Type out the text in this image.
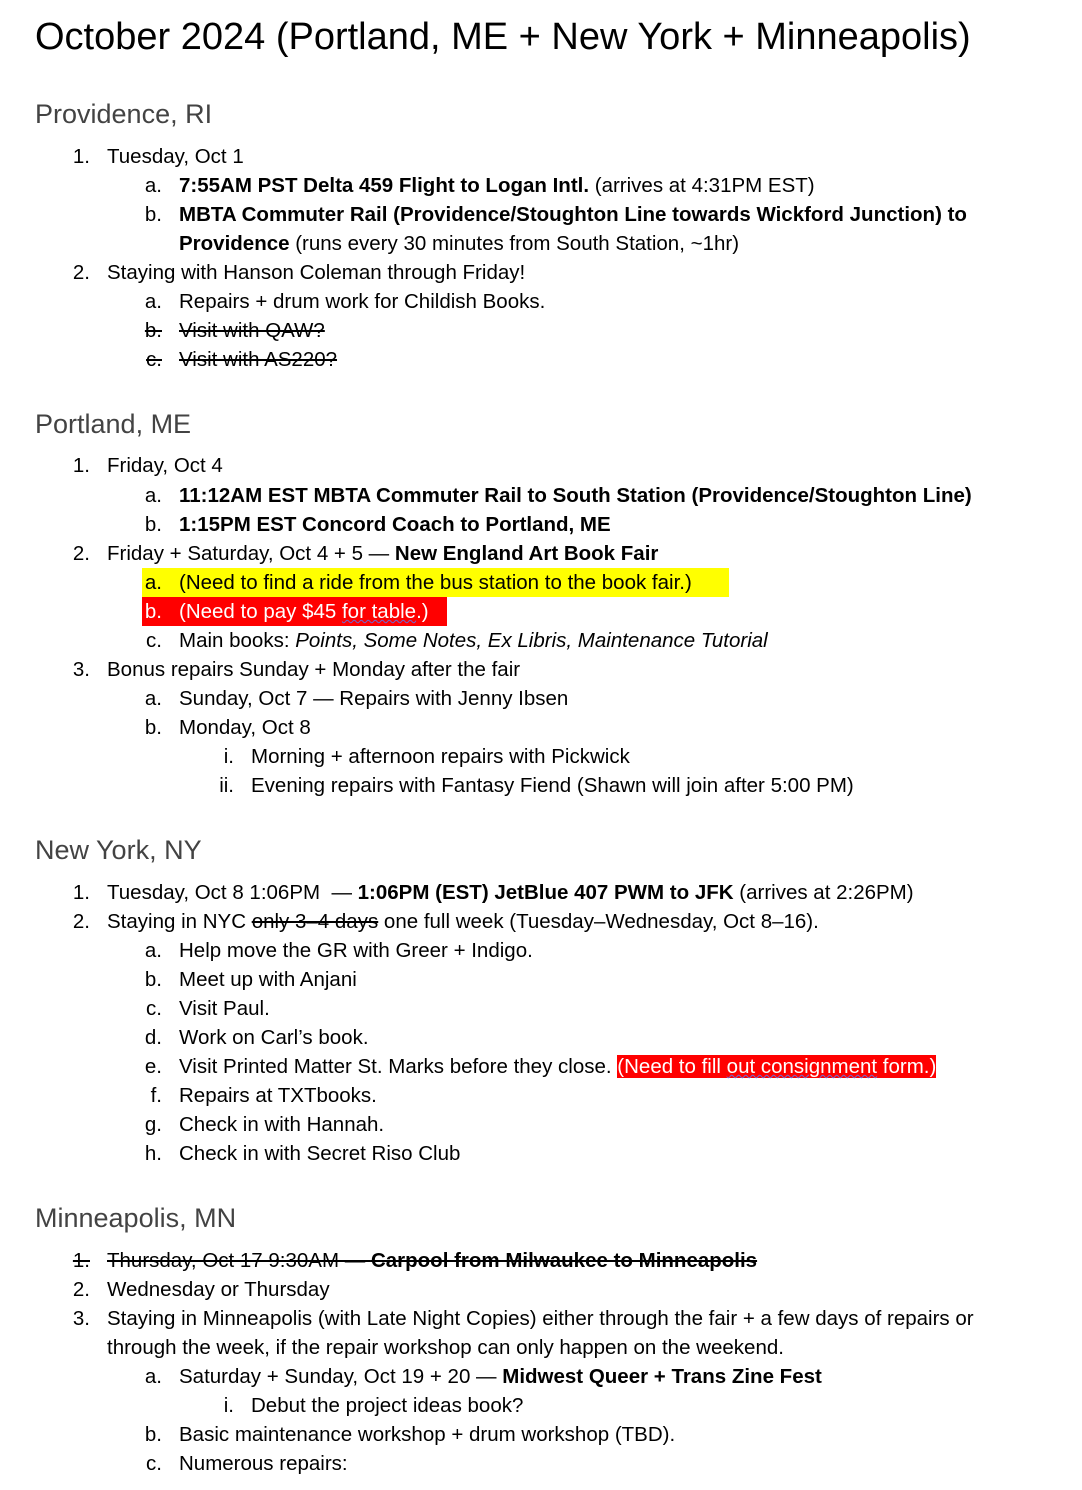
October 2024 (Portland, ME + New York + Minneapolis)
Providence, RI
1. Tuesday, Oct 1
a. 7:55AM PST Delta 459 Flight to Logan Intl. (arrives at 4:31PM EST)
b. MBTA Commuter Rail (Providence/Stoughton Line towards Wickford Junction) to
Providence (runs every 30 minutes from South Station, ~1hr)
2. Staying with Hanson Coleman through Friday!
a. Repairs + drum work for Childish Books.
b. Visit with QAW?
c. Visit with AS220?
Portland, ME
1. Friday, Oct 4
a. 11:12AM EST MBTA Commuter Rail to South Station (Providence/Stoughton Line)
b. 1:15PM EST Concord Coach to Portland, ME
2. Friday + Saturday, Oct 4 + 5 — New England Art Book Fair
a. (Need to find a ride from the bus station to the book fair.)
b. (Need to pay $45 for table.)
c. Main books: Points, Some Notes, Ex Libris, Maintenance Tutorial
3. Bonus repairs Sunday + Monday after the fair
a. Sunday, Oct 7 — Repairs with Jenny Ibsen
b. Monday, Oct 8
i. Morning + afternoon repairs with Pickwick
ii. Evening repairs with Fantasy Fiend (Shawn will join after 5:00 PM)
New York, NY
1. Tuesday, Oct 8 1:06PM  — 1:06PM (EST) JetBlue 407 PWM to JFK (arrives at 2:26PM)
2. Staying in NYC only 3–4 days one full week (Tuesday–Wednesday, Oct 8–16).
a. Help move the GR with Greer + Indigo.
b. Meet up with Anjani
c. Visit Paul.
d. Work on Carl’s book.
e. Visit Printed Matter St. Marks before they close. (Need to fill out consignment form.)
f. Repairs at TXTbooks.
g. Check in with Hannah.
h. Check in with Secret Riso Club
Minneapolis, MN
1. Thursday, Oct 17 9:30AM — Carpool from Milwaukee to Minneapolis
2. Wednesday or Thursday
3. Staying in Minneapolis (with Late Night Copies) either through the fair + a few days of repairs or
through the week, if the repair workshop can only happen on the weekend.
a. Saturday + Sunday, Oct 19 + 20 — Midwest Queer + Trans Zine Fest
i. Debut the project ideas book?
b. Basic maintenance workshop + drum workshop (TBD).
c. Numerous repairs:
